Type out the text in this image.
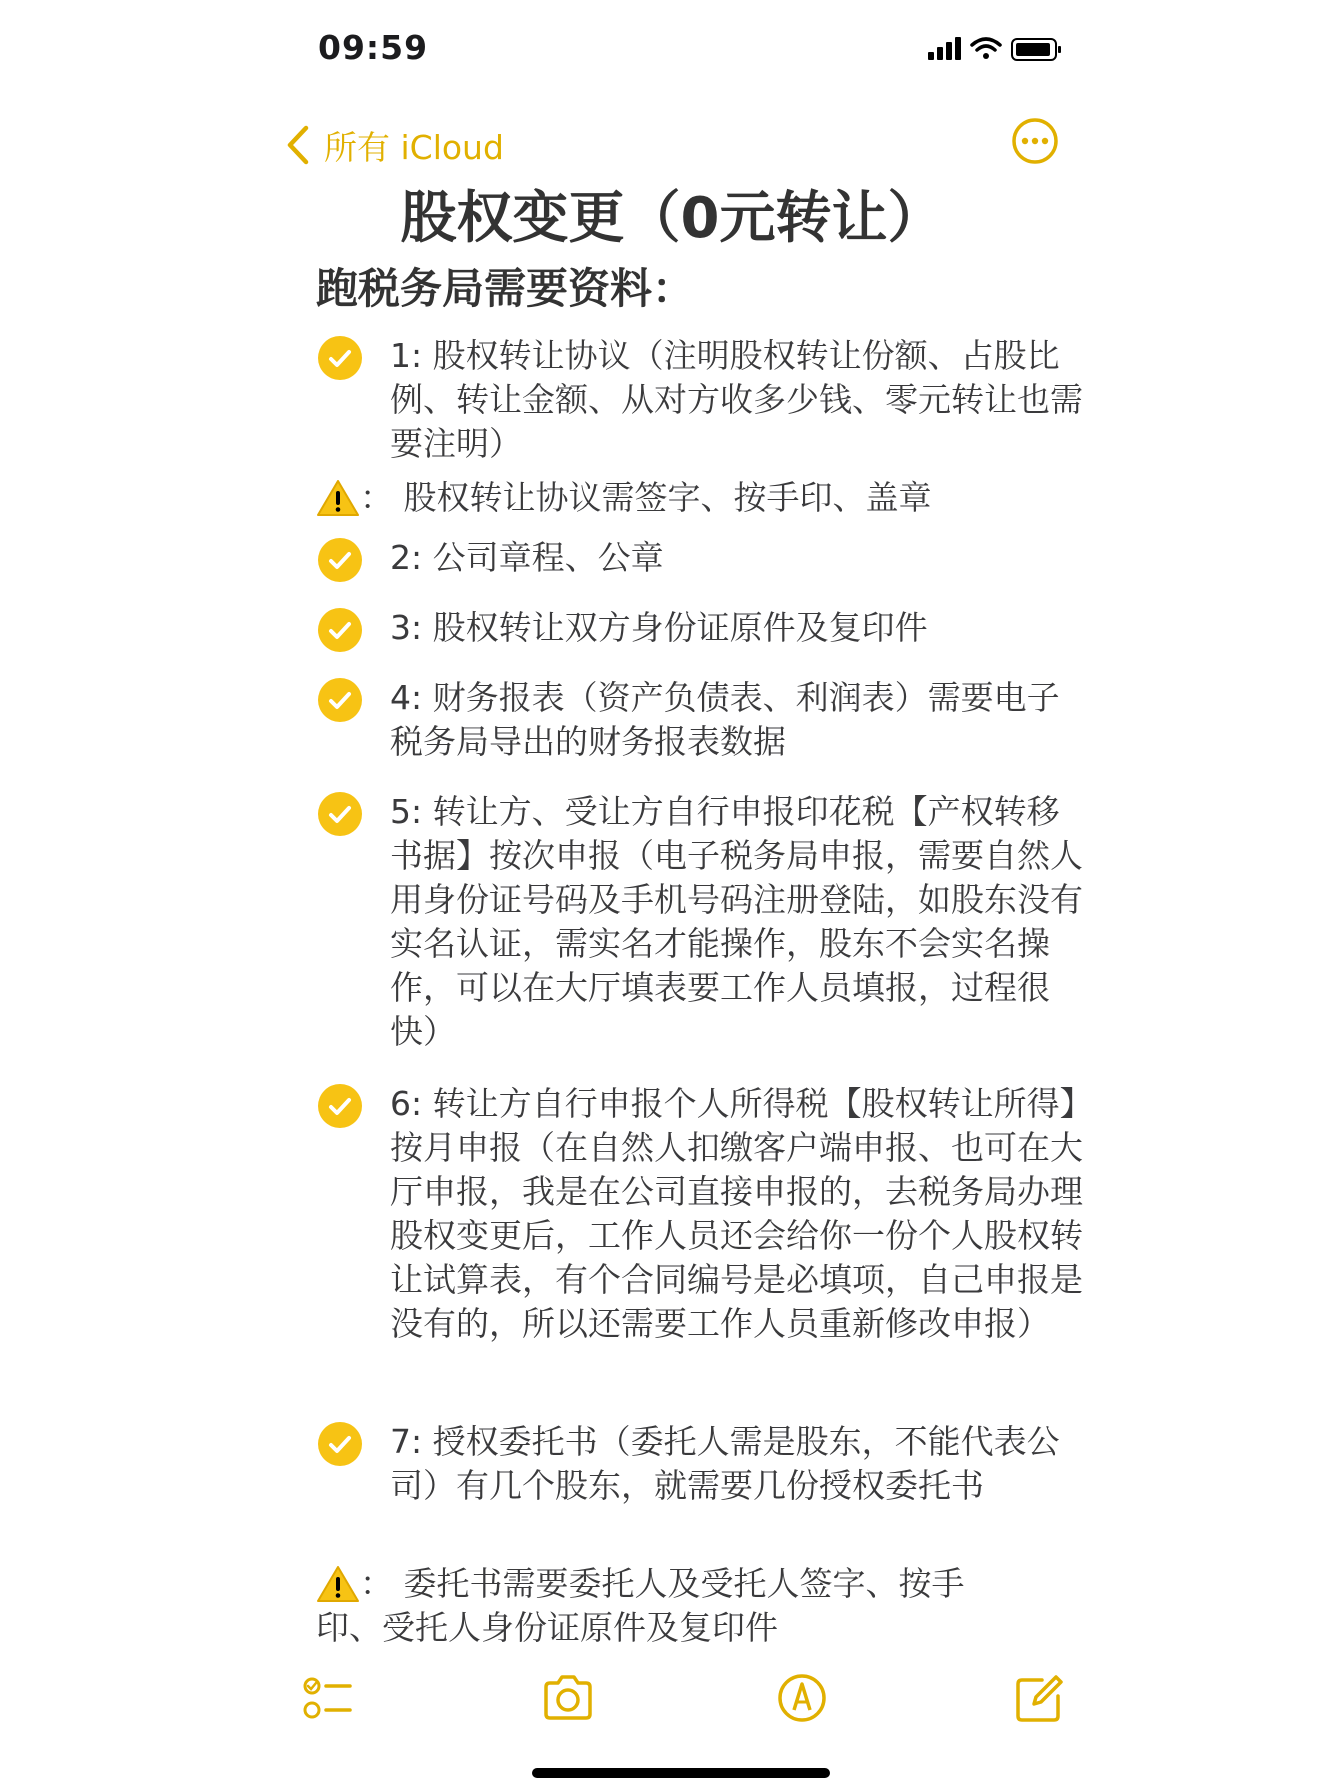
09:59
所有 iCloud
股权变更（0元转让）
跑税务局需要资料：
1: 股权转让协议（注明股权转让份额、占股比例、转让金额、从对方收多少钱、零元转让也需要注明）
： 股权转让协议需签字、按手印、盖章
2: 公司章程、公章
3: 股权转让双方身份证原件及复印件
4: 财务报表（资产负债表、利润表）需要电子税务局导出的财务报表数据
5: 转让方、受让方自行申报印花税【产权转移书据】按次申报（电子税务局申报，需要自然人用身份证号码及手机号码注册登陆，如股东没有实名认证，需实名才能操作，股东不会实名操作，可以在大厅填表要工作人员填报，过程很快）
6: 转让方自行申报个人所得税【股权转让所得】按月申报（在自然人扣缴客户端申报、也可在大厅申报，我是在公司直接申报的，去税务局办理股权变更后，工作人员还会给你一份个人股权转让试算表，有个合同编号是必填项，自己申报是没有的，所以还需要工作人员重新修改申报）
7: 授权委托书（委托人需是股东，不能代表公司）有几个股东，就需要几份授权委托书
： 委托书需要委托人及受托人签字、按手
印、受托人身份证原件及复印件
